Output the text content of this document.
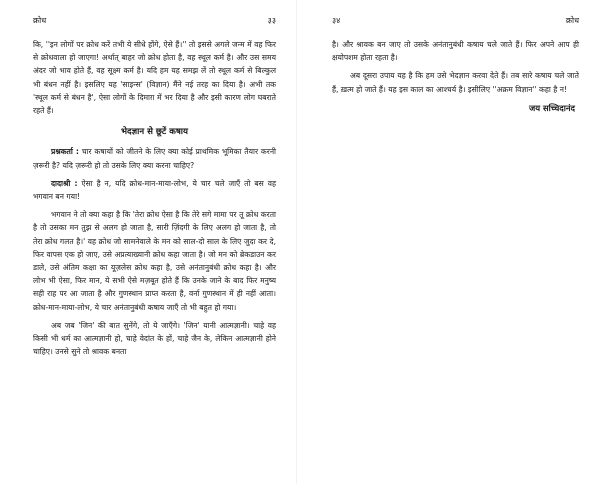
क्रोध	३३

कि, ''इन लोगों पर क्रोध करें तभी ये सीधे होंगे, ऐसे हैं।'' तो इससे अगले जन्म में वह फिर से क्रोधवाला हो जाएगा! अर्थात् बाहर जो क्रोध होता है, वह स्थूल कर्म है। और उस समय अंदर जो भाव होते हैं, वह सूक्ष्म कर्म है। यदि हम यह समझ लें तो स्थूल कर्म से बिल्कुल भी बंधन नहीं है। इसलिए यह 'साइन्स' (विज्ञान) मैंने नई तरह का दिया है। अभी तक 'स्थूल कर्म से बंधन है', ऐसा लोगों के दिमाग़ में भर दिया है और इसी कारण लोग घबराते रहते हैं।

भेदज्ञान से छूटें कषाय

प्रश्नकर्ता : चार कषायों को जीतने के लिए क्या कोई प्राथमिक भूमिका तैयार करनी ज़रूरी है? यदि ज़रूरी हो तो उसके लिए क्या करना चाहिए?

दादाश्री : ऐसा है न, यदि क्रोध-मान-माया-लोभ, ये चार चले जाएँ तो बस वह भगवान बन गया!

भगवान ने तो क्या कहा है कि 'तेरा क्रोध ऐसा है कि तेरे सगे मामा पर तू क्रोध करता है तो उसका मन तुझ से अलग हो जाता है, सारी ज़िंदगी के लिए अलग हो जाता है, तो तेरा क्रोध गलत है।' वह क्रोध जो सामनेवाले के मन को साल-दो साल के लिए जुदा कर दे, फिर वापस एक हो जाए, उसे अप्रत्याख्यानी क्रोध कहा जाता है। जो मन को ब्रेकडाउन कर डाले, उसे अंतिम कक्षा का यूज़लेस क्रोध कहा है, उसे अनंतानुबंधी क्रोध कहा है। और लोभ भी ऐसा, फिर मान, ये सभी ऐसे मज़बूत होते हैं कि उनके जाने के बाद फिर मनुष्य सही राह पर आ जाता है और गुणस्थान प्राप्त करता है, वर्ना गुणस्थान में ही नहीं आता। क्रोध-मान-माया-लोभ, ये चार अनंतानुबंधी कषाय जाएँ तो भी बहुत हो गया।

अब जब 'जिन' की बात सुनेंगे, तो ये जाएँगे। 'जिन' यानी आत्मज्ञानी। चाहे वह किसी भी धर्म का आत्मज्ञानी हो, चाहे वेदांत के हों, चाहे जैन के, लेकिन आत्मज्ञानी होने चाहिए। उनसे सुने तो श्रावक बनता

३४	क्रोध

है। और श्रावक बन जाए तो उसके अनंतानुबंधी कषाय चले जाते हैं। फिर अपने आप ही क्षयोपशम होता रहता है।

अब दूसरा उपाय यह है कि हम उसे भेदज्ञान करवा देते हैं। तब सारे कषाय चले जाते हैं, ख़त्म हो जाते हैं। यह इस काल का आश्चर्य है। इसीलिए ''अक्रम विज्ञान'' कहा है न!

जय सच्चिदानंद
